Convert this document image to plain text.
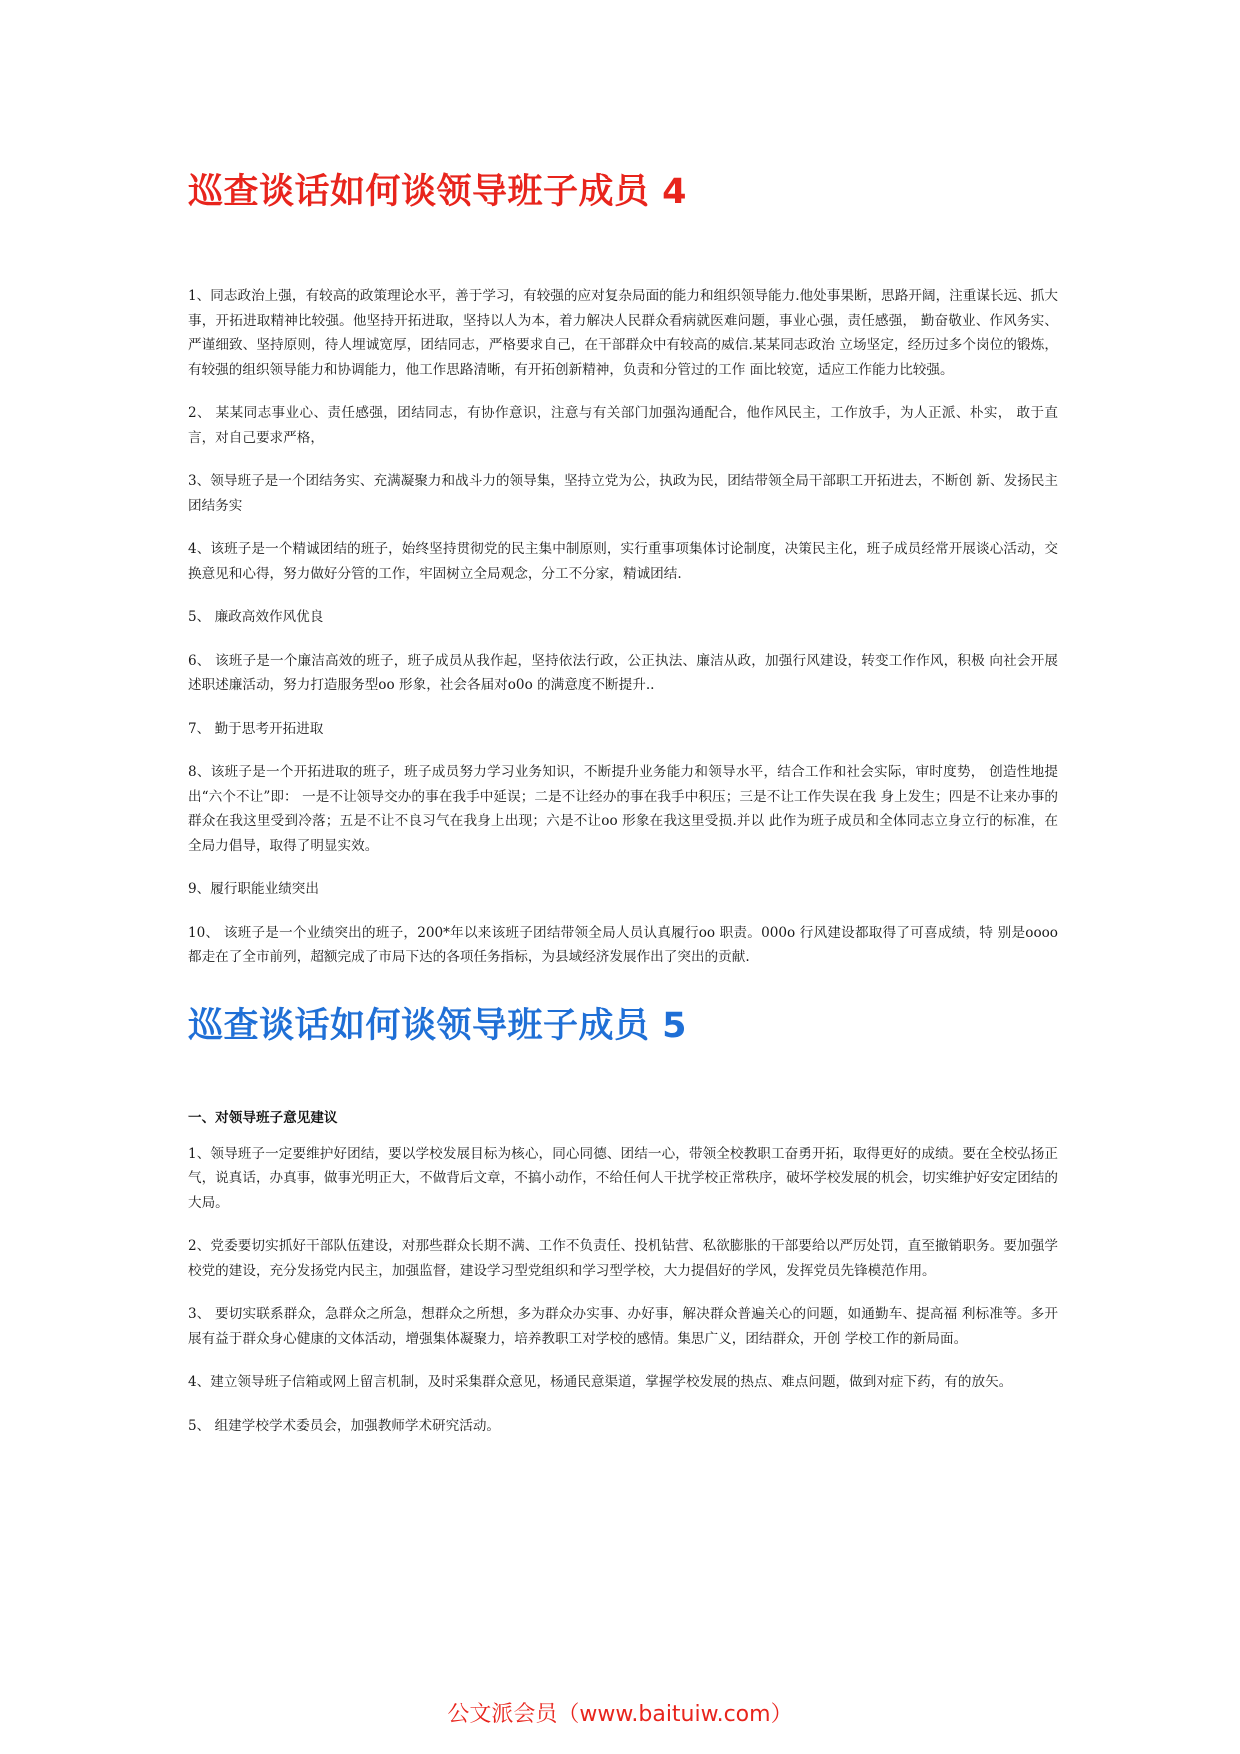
巡查谈话如何谈领导班子成员 4

1、同志政治上强，有较高的政策理论水平，善于学习，有较强的应对复杂局面的能力和组织领导能力.他处事果断，思路开阔，注重谋长远、抓大事，开拓进取精神比较强。他坚持开拓进取，坚持以人为本，着力解决人民群众看病就医难问题，事业心强，责任感强， 勤奋敬业、作风务实、严谨细致、坚持原则，待人埋诚宽厚，团结同志，严格要求自己，在干部群众中有较高的威信.某某同志政治 立场坚定，经历过多个岗位的锻炼，有较强的组织领导能力和协调能力，他工作思路清晰，有开拓创新精神，负责和分管过的工作 面比较宽，适应工作能力比较强。

2、 某某同志事业心、责任感强，团结同志，有协作意识，注意与有关部门加强沟通配合，他作风民主，工作放手，为人正派、朴实， 敢于直言，对自己要求严格，

3、领导班子是一个团结务实、充满凝聚力和战斗力的领导集，坚持立党为公，执政为民，团结带领全局干部职工开拓进去，不断创 新、发扬民主团结务实

4、该班子是一个精诚团结的班子，始终坚持贯彻党的民主集中制原则，实行重事项集体讨论制度，决策民主化，班子成员经常开展谈心活动，交换意见和心得，努力做好分管的工作，牢固树立全局观念，分工不分家，精诚团结.

5、 廉政高效作风优良

6、 该班子是一个廉洁高效的班子，班子成员从我作起，坚持依法行政，公正执法、廉洁从政，加强行风建设，转变工作作风，积极 向社会开展述职述廉活动，努力打造服务型oo 形象，社会各届对o0o 的满意度不断提升..

7、 勤于思考开拓进取

8、该班子是一个开拓进取的班子，班子成员努力学习业务知识，不断提升业务能力和领导水平，结合工作和社会实际，审时度势， 创造性地提出“六个不让”即： 一是不让领导交办的事在我手中延误；二是不让经办的事在我手中积压；三是不让工作失误在我 身上发生；四是不让来办事的群众在我这里受到冷落；五是不让不良习气在我身上出现；六是不让oo 形象在我这里受损.并以 此作为班子成员和全体同志立身立行的标准，在全局力倡导，取得了明显实效。

9、履行职能业绩突出

10、 该班子是一个业绩突出的班子，200*年以来该班子团结带领全局人员认真履行oo 职责。000o 行风建设都取得了可喜成绩，特 别是oooo 都走在了全市前列，超额完成了市局下达的各项任务指标，为县域经济发展作出了突出的贡献.

巡查谈话如何谈领导班子成员 5
一、对领导班子意见建议

1、领导班子一定要维护好团结，要以学校发展目标为核心，同心同德、团结一心，带领全校教职工奋勇开拓，取得更好的成绩。要在全校弘扬正气，说真话，办真事，做事光明正大，不做背后文章，不搞小动作，不给任何人干扰学校正常秩序，破坏学校发展的机会，切实维护好安定团结的大局。

2、党委要切实抓好干部队伍建设，对那些群众长期不满、工作不负责任、投机钻营、私欲膨胀的干部要给以严厉处罚，直至撤销职务。要加强学校党的建设，充分发扬党内民主，加强监督，建设学习型党组织和学习型学校，大力提倡好的学风，发挥党员先锋模范作用。

3、 要切实联系群众，急群众之所急，想群众之所想，多为群众办实事、办好事，解决群众普遍关心的问题，如通勤车、提高福 利标准等。多开展有益于群众身心健康的文体活动，增强集体凝聚力，培养教职工对学校的感情。集思广义，团结群众，开创 学校工作的新局面。

4、建立领导班子信箱或网上留言机制，及时采集群众意见，杨通民意渠道，掌握学校发展的热点、难点问题，做到对症下药，有的放矢。

5、 组建学校学术委员会，加强教师学术研究活动。

公文派会员（www.baituiw.com）
